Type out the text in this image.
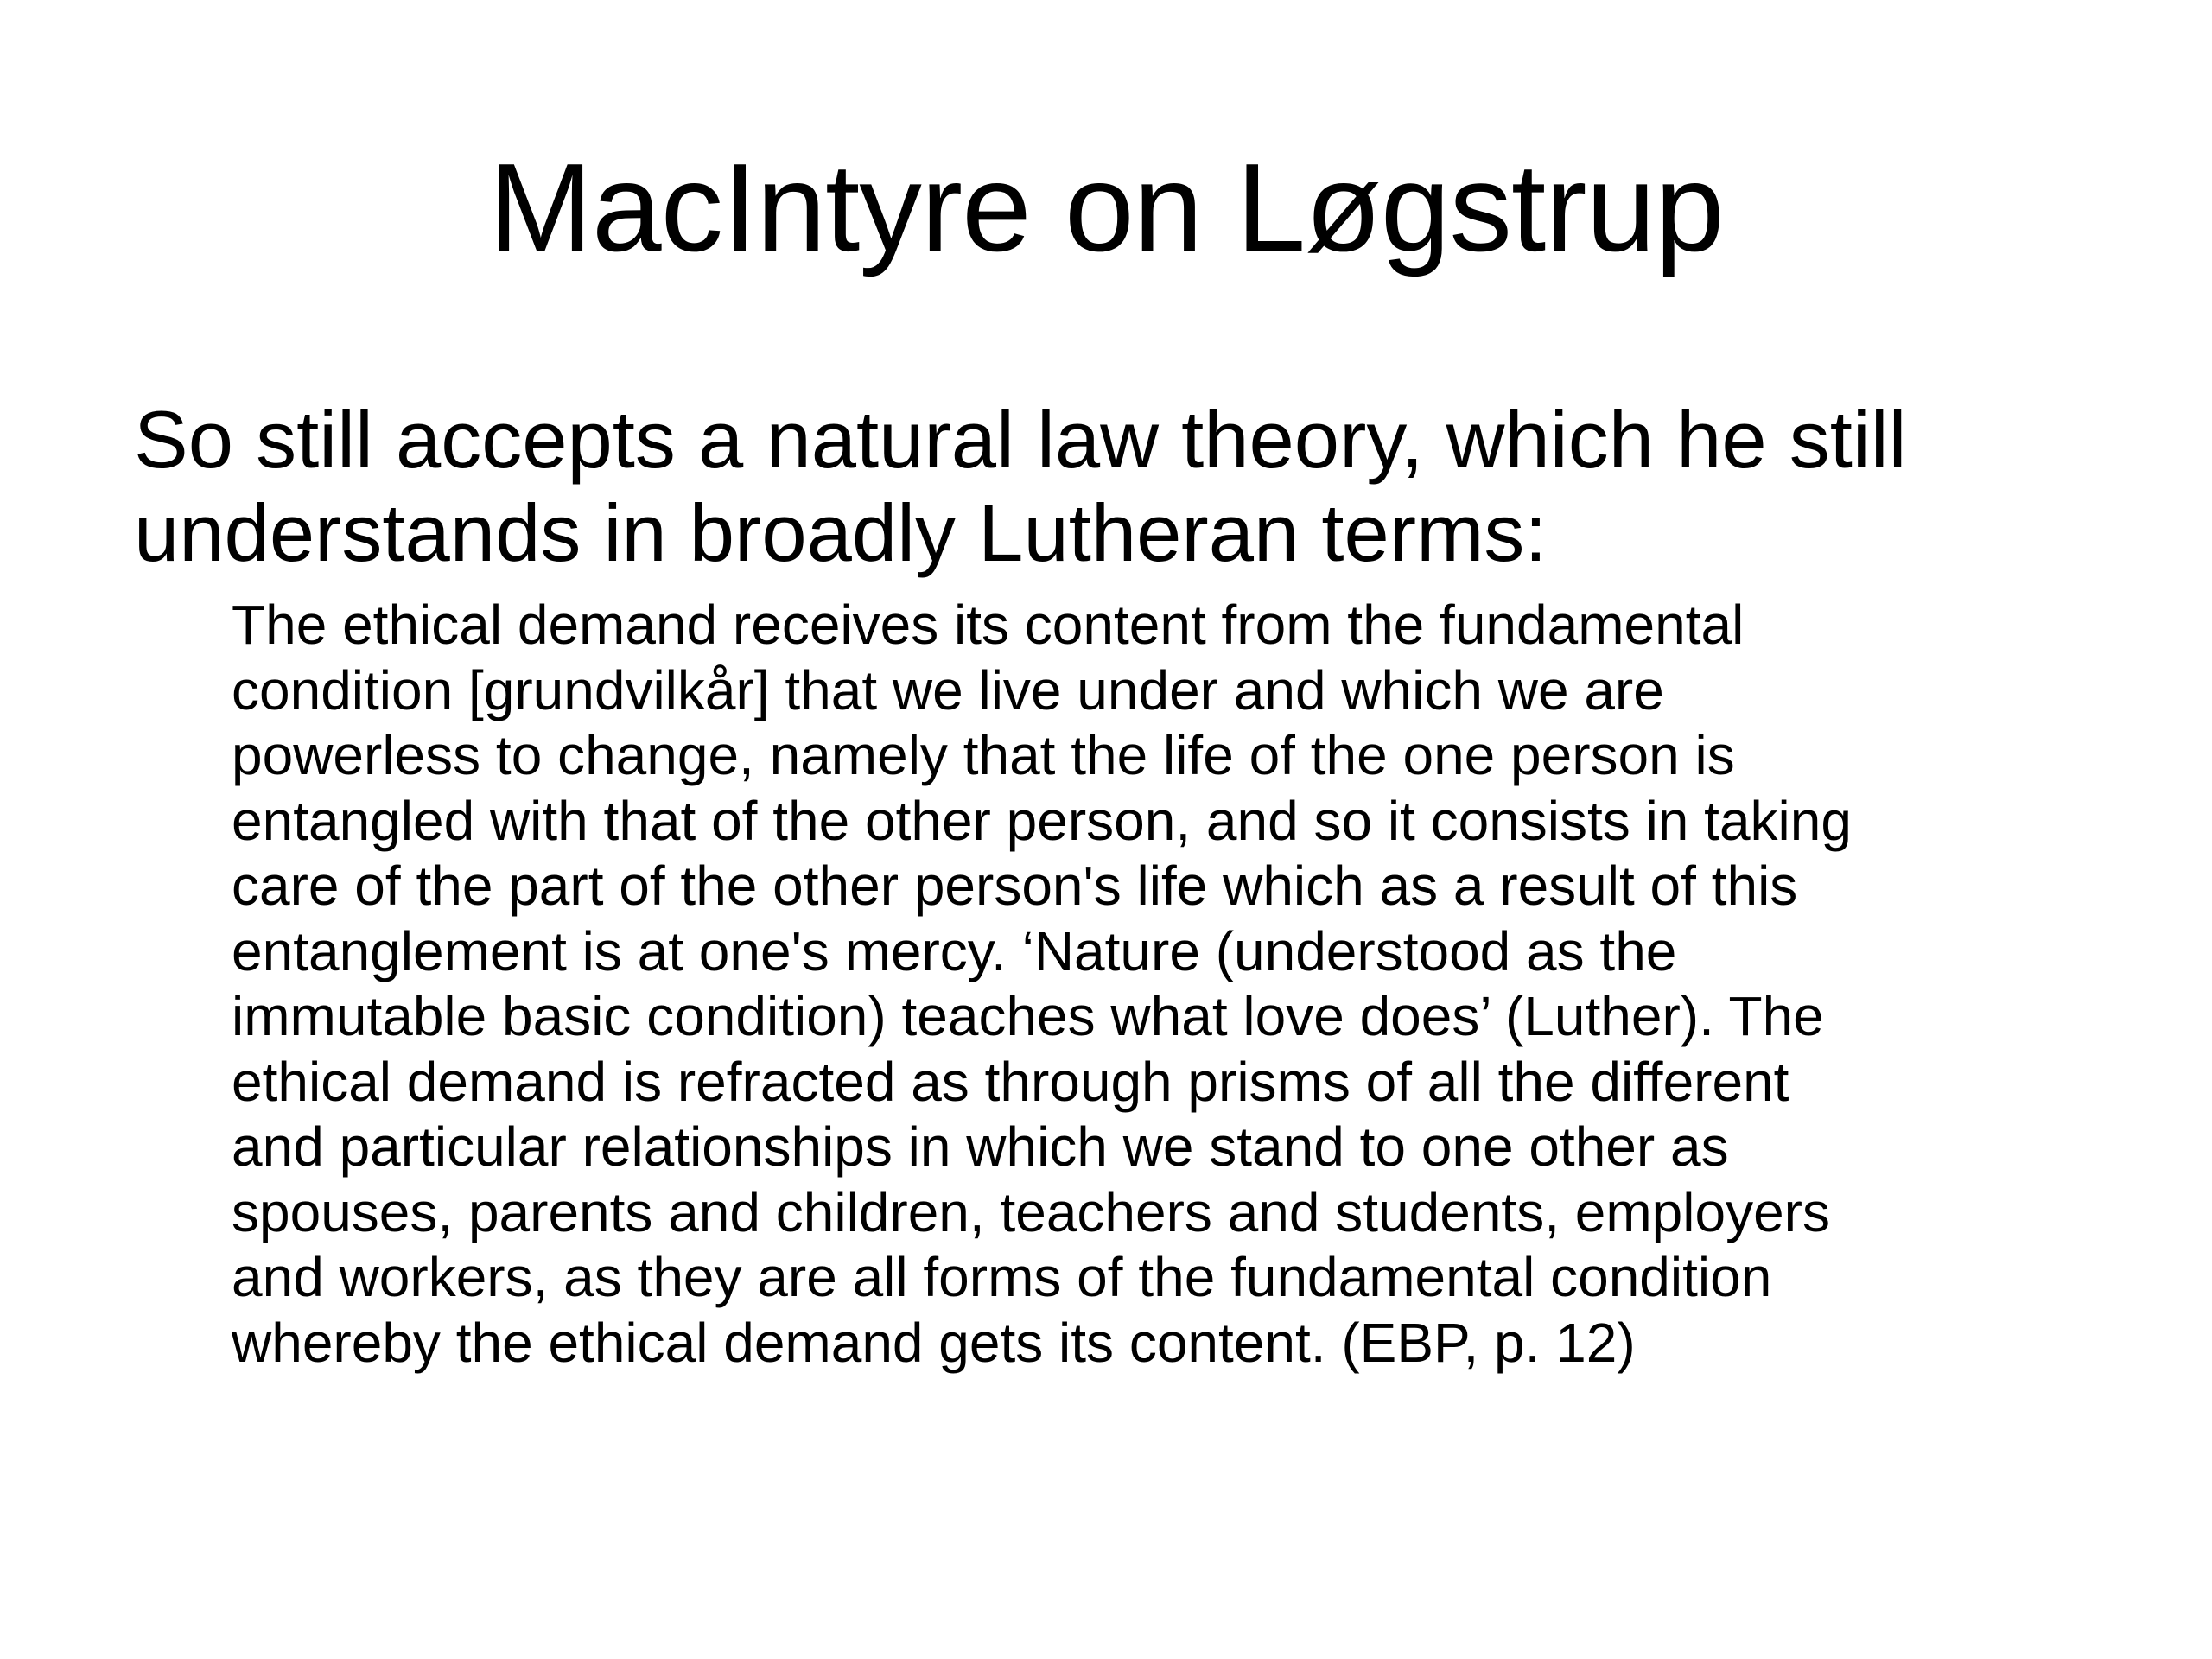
MacIntyre on Løgstrup

So still accepts a natural law theory, which he still
understands in broadly Lutheran terms:

The ethical demand receives its content from the fundamental
condition [grundvilkår] that we live under and which we are
powerless to change, namely that the life of the one person is
entangled with that of the other person, and so it consists in taking
care of the part of the other person's life which as a result of this
entanglement is at one's mercy. ‘Nature (understood as the
immutable basic condition) teaches what love does’ (Luther). The
ethical demand is refracted as through prisms of all the different
and particular relationships in which we stand to one other as
spouses, parents and children, teachers and students, employers
and workers, as they are all forms of the fundamental condition
whereby the ethical demand gets its content. (EBP, p. 12)
